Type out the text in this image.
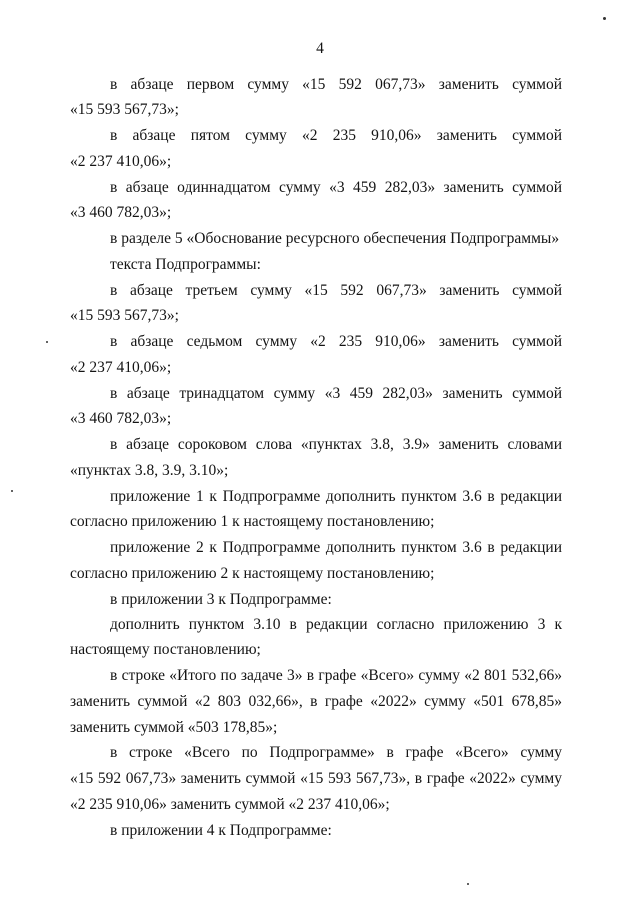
4
в абзаце первом сумму «15 592 067,73» заменить суммой
«15 593 567,73»;
в абзаце пятом сумму «2 235 910,06» заменить суммой
«2 237 410,06»;
в абзаце одиннадцатом сумму «3 459 282,03» заменить суммой
«3 460 782,03»;
в разделе 5 «Обоснование ресурсного обеспечения Подпрограммы»
текста Подпрограммы:
в абзаце третьем сумму «15 592 067,73» заменить суммой
«15 593 567,73»;
в абзаце седьмом сумму «2 235 910,06» заменить суммой
«2 237 410,06»;
в абзаце тринадцатом сумму «3 459 282,03» заменить суммой
«3 460 782,03»;
в абзаце сороковом слова «пунктах 3.8, 3.9» заменить словами
«пунктах 3.8, 3.9, 3.10»;
приложение 1 к Подпрограмме дополнить пунктом 3.6 в редакции
согласно приложению 1 к настоящему постановлению;
приложение 2 к Подпрограмме дополнить пунктом 3.6 в редакции
согласно приложению 2 к настоящему постановлению;
в приложении 3 к Подпрограмме:
дополнить пунктом 3.10 в редакции согласно приложению 3 к
настоящему постановлению;
в строке «Итого по задаче 3» в графе «Всего» сумму «2 801 532,66»
заменить суммой «2 803 032,66», в графе «2022» сумму «501 678,85»
заменить суммой «503 178,85»;
в строке «Всего по Подпрограмме» в графе «Всего» сумму
«15 592 067,73» заменить суммой «15 593 567,73», в графе «2022» сумму
«2 235 910,06» заменить суммой «2 237 410,06»;
в приложении 4 к Подпрограмме:
